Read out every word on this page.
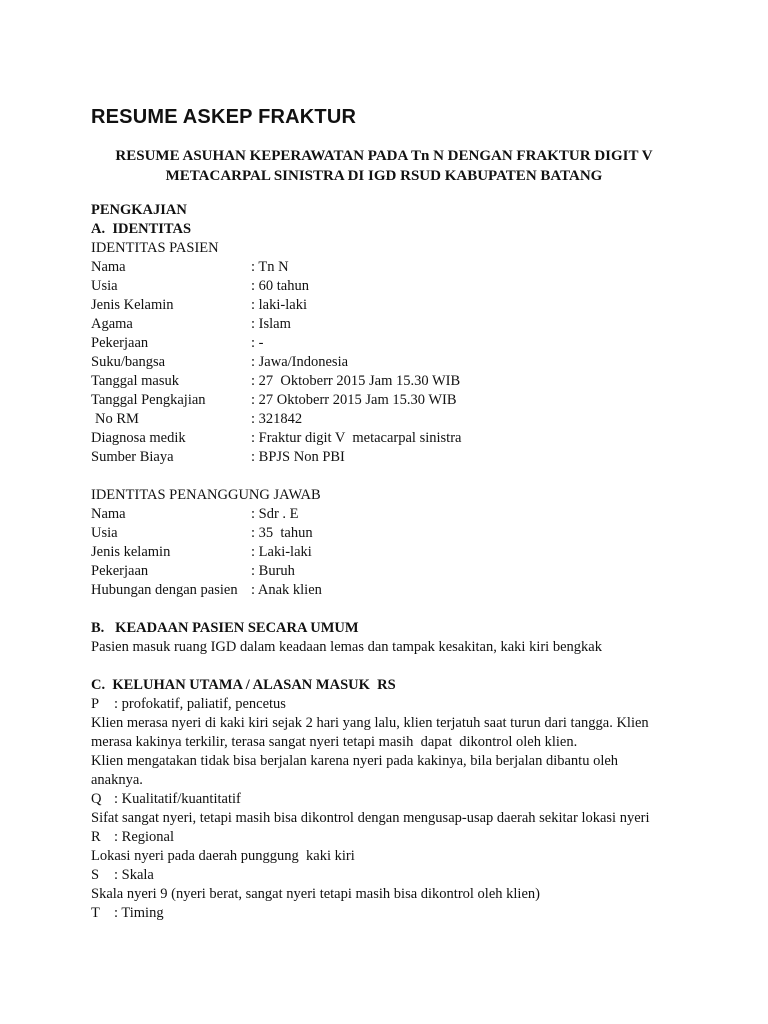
RESUME ASKEP FRAKTUR
RESUME ASUHAN KEPERAWATAN PADA Tn N DENGAN FRAKTUR DIGIT V
METACARPAL SINISTRA DI IGD RSUD KABUPATEN BATANG
PENGKAJIAN
A.  IDENTITAS
IDENTITAS PASIEN
Nama	: Tn N
Usia	: 60 tahun
Jenis Kelamin	: laki-laki
Agama	: Islam
Pekerjaan	: -
Suku/bangsa	: Jawa/Indonesia
Tanggal masuk	: 27  Oktoberr 2015 Jam 15.30 WIB
Tanggal Pengkajian	: 27 Oktoberr 2015 Jam 15.30 WIB
No RM	: 321842
Diagnosa medik	: Fraktur digit V  metacarpal sinistra
Sumber Biaya	: BPJS Non PBI
IDENTITAS PENANGGUNG JAWAB
Nama	: Sdr . E
Usia	: 35  tahun
Jenis kelamin	: Laki-laki
Pekerjaan	: Buruh
Hubungan dengan pasien : Anak klien
B.   KEADAAN PASIEN SECARA UMUM
Pasien masuk ruang IGD dalam keadaan lemas dan tampak kesakitan, kaki kiri bengkak
C.  KELUHAN UTAMA / ALASAN MASUK  RS
P	: profokatif, paliatif, pencetus
Klien merasa nyeri di kaki kiri sejak 2 hari yang lalu, klien terjatuh saat turun dari tangga. Klien
merasa kakinya terkilir, terasa sangat nyeri tetapi masih  dapat  dikontrol oleh klien.
Klien mengatakan tidak bisa berjalan karena nyeri pada kakinya, bila berjalan dibantu oleh
anaknya.
Q : Kualitatif/kuantitatif
Sifat sangat nyeri, tetapi masih bisa dikontrol dengan mengusap-usap daerah sekitar lokasi nyeri
R : Regional
Lokasi nyeri pada daerah punggung  kaki kiri
S	: Skala
Skala nyeri 9 (nyeri berat, sangat nyeri tetapi masih bisa dikontrol oleh klien)
T : Timing
